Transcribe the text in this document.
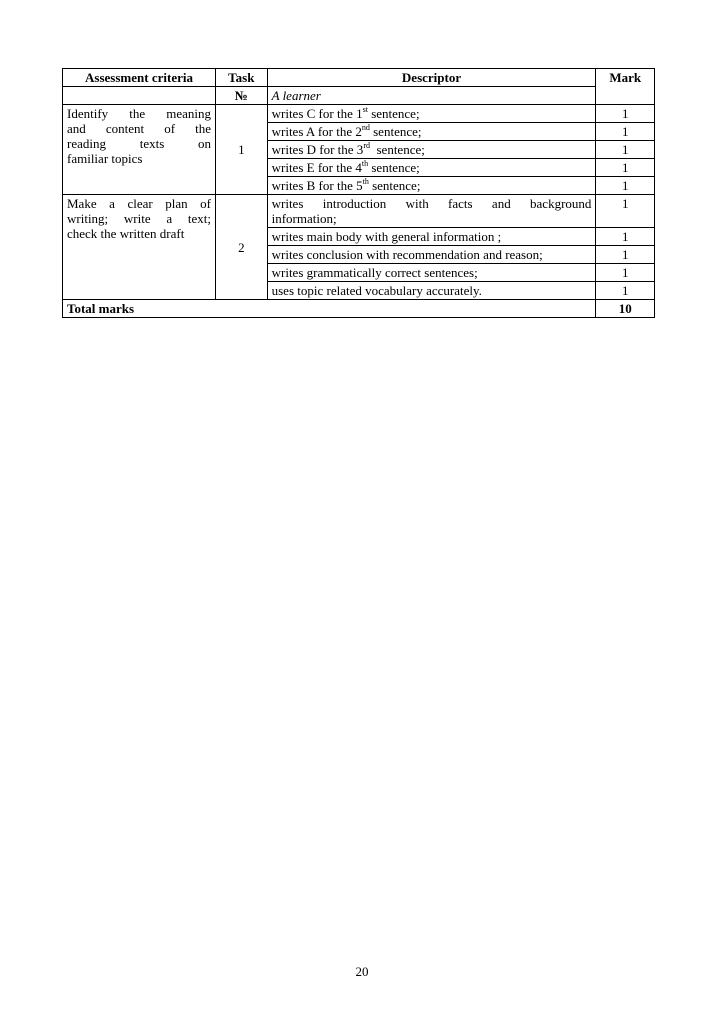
Assessment criteria	Task	Descriptor	Mark
	№	A learner	

Identify the meaning
and content of the
reading texts on
familiar topics	1	writes C for the 1st sentence;	1
		writes A for the 2nd sentence;	1
		writes D for the 3rd  sentence;	1
		writes E for the 4th sentence;	1
		writes B for the 5th sentence;	1

Make a clear plan of
writing; write a text;
check the written draft	2	writes introduction with facts and background
information;	1
		writes main body with general information ;	1
		writes conclusion with recommendation and reason;	1
		writes grammatically correct sentences;	1
		uses topic related vocabulary accurately.	1
Total marks			10
20
